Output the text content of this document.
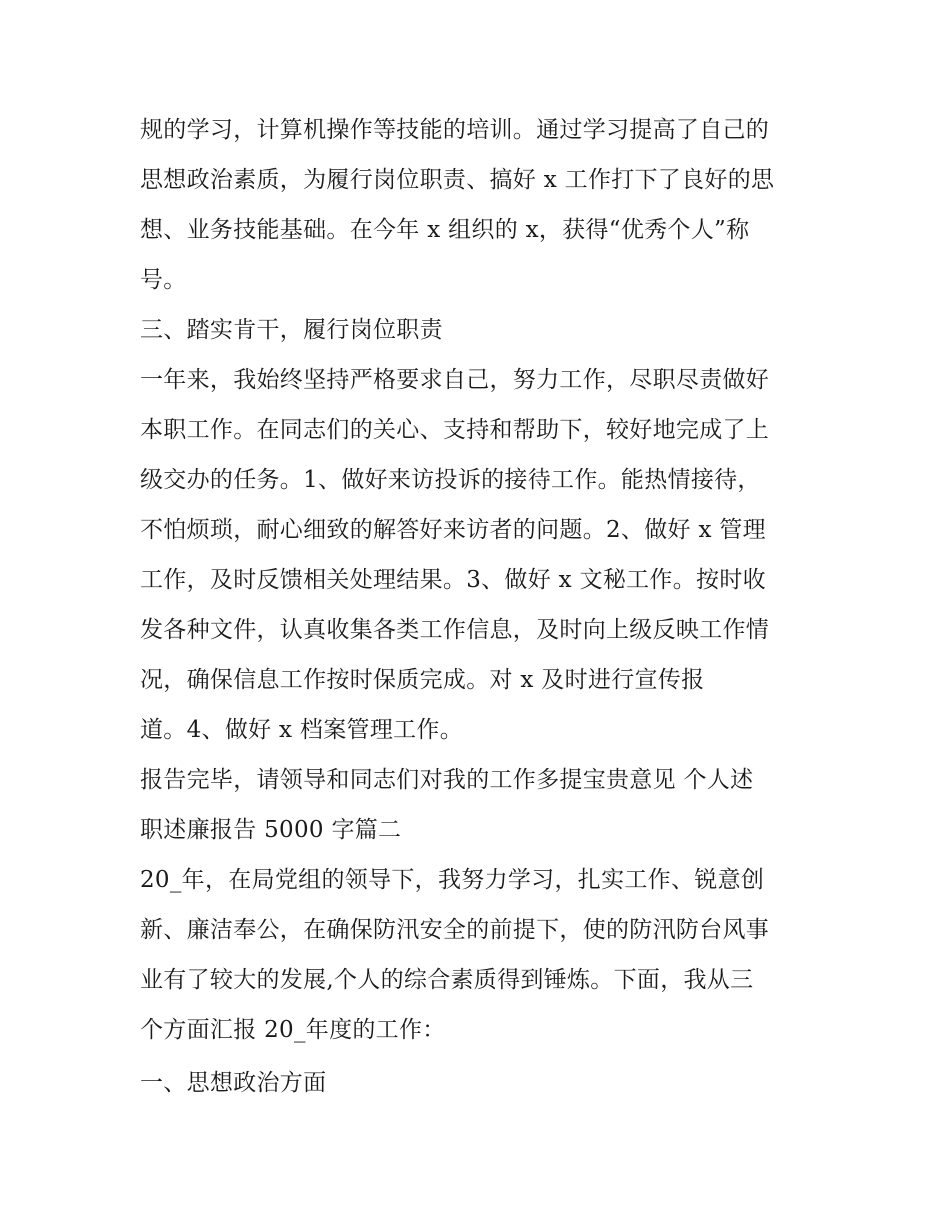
规的学习，计算机操作等技能的培训。通过学习提高了自己的
思想政治素质，为履行岗位职责、搞好 x 工作打下了良好的思
想、业务技能基础。在今年 x 组织的 x，获得“优秀个人”称
号。
三、踏实肯干，履行岗位职责
一年来，我始终坚持严格要求自己，努力工作，尽职尽责做好
本职工作。在同志们的关心、支持和帮助下，较好地完成了上
级交办的任务。1、做好来访投诉的接待工作。能热情接待，
不怕烦琐，耐心细致的解答好来访者的问题。2、做好 x 管理
工作，及时反馈相关处理结果。3、做好 x 文秘工作。按时收
发各种文件，认真收集各类工作信息，及时向上级反映工作情
况，确保信息工作按时保质完成。对 x 及时进行宣传报
道。4、做好 x 档案管理工作。
报告完毕，请领导和同志们对我的工作多提宝贵意见 个人述
职述廉报告 5000 字篇二
20_年，在局党组的领导下，我努力学习，扎实工作、锐意创
新、廉洁奉公，在确保防汛安全的前提下，使的防汛防台风事
业有了较大的发展,个人的综合素质得到锤炼。下面，我从三
个方面汇报 20_年度的工作：
一、思想政治方面
